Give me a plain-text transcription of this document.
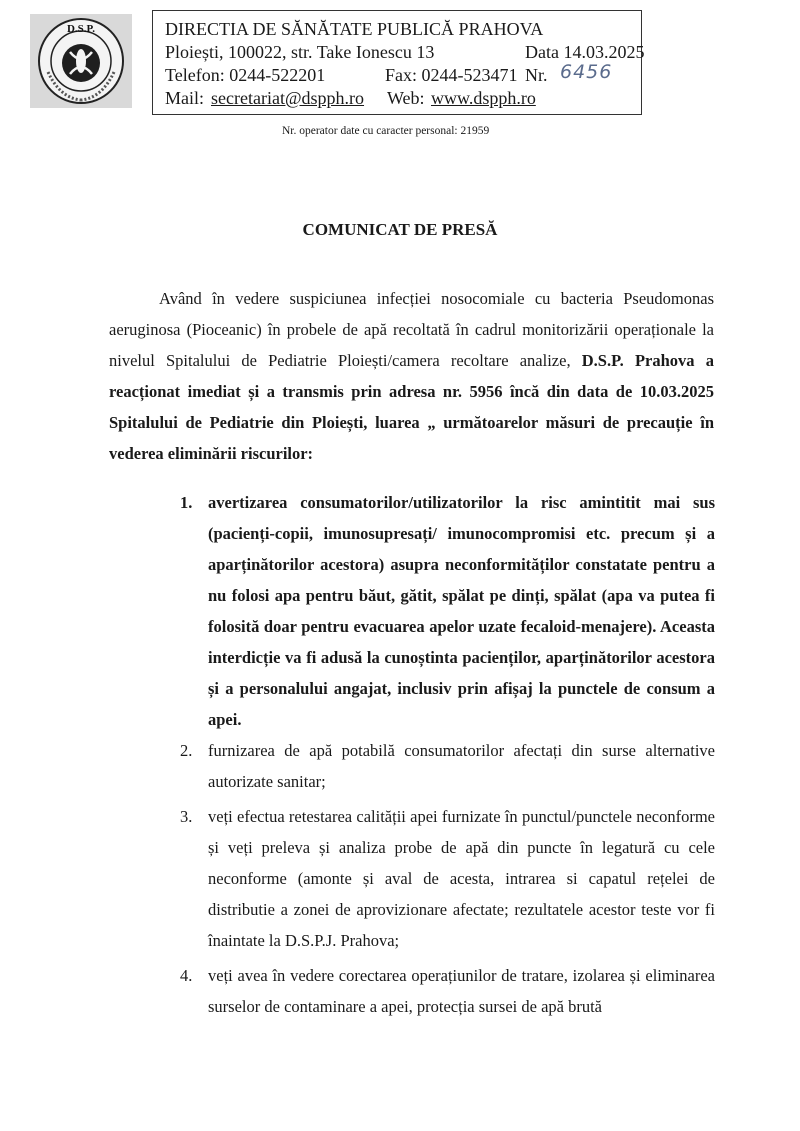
D.S.P.	DIRECTIA DE SĂNĂTATE PUBLICĂ PRAHOVA
Ploiești, 100022, str. Take Ionescu 13	Data 14.03.2025
Telefon: 0244-522201	Fax: 0244-523471 Nr. 6456
Mail: secretariat@dspph.ro Web: www.dspph.ro
Nr. operator date cu caracter personal: 21959
COMUNICAT DE PRESĂ

Având în vedere suspiciunea infecției nosocomiale cu bacteria Pseudomonas aeruginosa (Pioceanic) în probele de apă recoltată în cadrul monitorizării operaționale la nivelul Spitalului de Pediatrie Ploiești/camera recoltare analize, D.S.P. Prahova a reacționat imediat și a transmis prin adresa nr. 5956 încă din data de 10.03.2025 Spitalului de Pediatrie din Ploiești, luarea „ următoarelor măsuri de precauție în vederea eliminării riscurilor:

1. avertizarea consumatorilor/utilizatorilor la risc amintitit mai sus (pacienți-copii, imunosupresați/ imunocompromisi etc. precum și a aparținătorilor acestora) asupra neconformităților constatate pentru a nu folosi apa pentru băut, gătit, spălat pe dinți, spălat (apa va putea fi folosită doar pentru evacuarea apelor uzate fecaloid-menajere). Aceasta interdicție va fi adusă la cunoștinta pacienților, aparținătorilor acestora și a personalului angajat, inclusiv prin afișaj la punctele de consum a apei.
2. furnizarea de apă potabilă consumatorilor afectați din surse alternative autorizate sanitar;
3. veți efectua retestarea calității apei furnizate în punctul/punctele neconforme și veți preleva și analiza probe de apă din puncte în legatură cu cele neconforme (amonte și aval de acesta, intrarea si capatul rețelei de distributie a zonei de aprovizionare afectate; rezultatele acestor teste vor fi înaintate la D.S.P.J. Prahova;
4. veți avea în vedere corectarea operațiunilor de tratare, izolarea și eliminarea surselor de contaminare a apei, protecția sursei de apă brută
